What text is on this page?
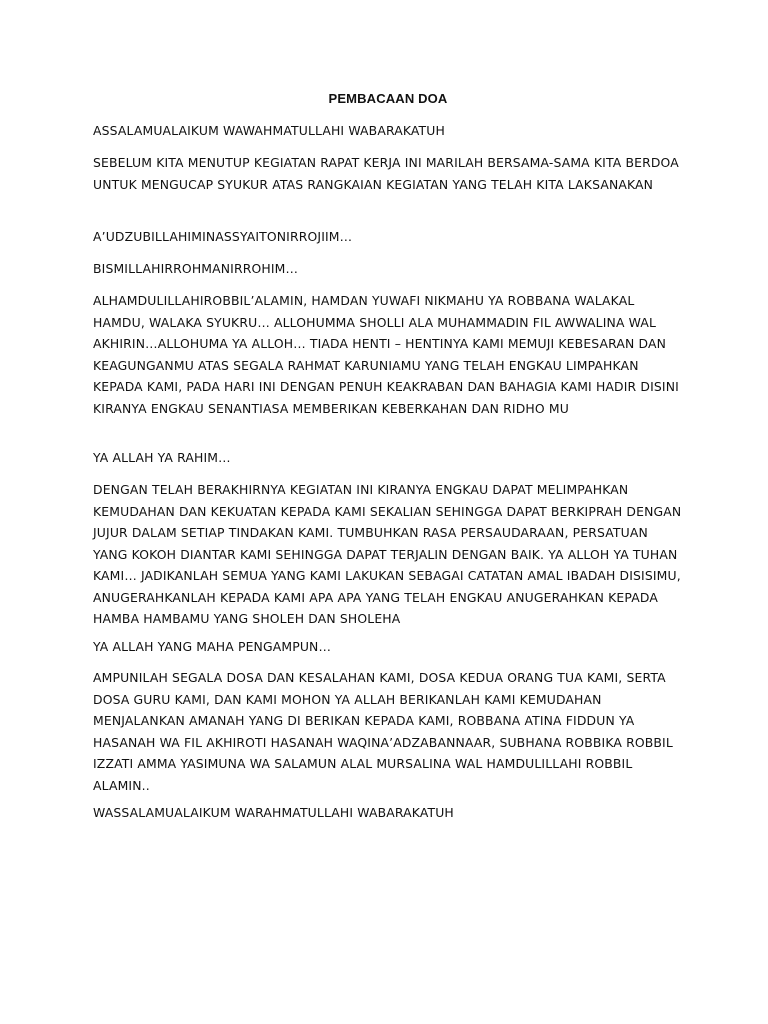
PEMBACAAN DOA

ASSALAMUALAIKUM WAWAHMATULLAHI WABARAKATUH

SEBELUM KITA MENUTUP KEGIATAN RAPAT KERJA INI MARILAH BERSAMA-SAMA KITA BERDOA UNTUK MENGUCAP SYUKUR ATAS RANGKAIAN KEGIATAN YANG TELAH KITA LAKSANAKAN

A’UDZUBILLAHIMINASSYAITONIRROJIIM…

BISMILLAHIRROHMANIRROHIM…

ALHAMDULILLAHIROBBIL’ALAMIN, HAMDAN YUWAFI NIKMAHU YA ROBBANA WALAKAL HAMDU, WALAKA SYUKRU… ALLOHUMMA SHOLLI ALA MUHAMMADIN FIL AWWALINA WAL AKHIRIN…ALLOHUMA YA ALLOH… TIADA HENTI – HENTINYA KAMI MEMUJI KEBESARAN DAN KEAGUNGANMU ATAS SEGALA RAHMAT KARUNIAMU YANG TELAH ENGKAU LIMPAHKAN KEPADA KAMI, PADA HARI INI DENGAN PENUH KEAKRABAN DAN BAHAGIA KAMI HADIR DISINI KIRANYA ENGKAU SENANTIASA MEMBERIKAN KEBERKAHAN DAN RIDHO MU

YA ALLAH YA RAHIM…

DENGAN TELAH BERAKHIRNYA KEGIATAN INI KIRANYA ENGKAU DAPAT MELIMPAHKAN KEMUDAHAN DAN KEKUATAN KEPADA KAMI SEKALIAN SEHINGGA DAPAT BERKIPRAH DENGAN JUJUR DALAM SETIAP TINDAKAN KAMI. TUMBUHKAN RASA PERSAUDARAAN, PERSATUAN YANG KOKOH DIANTAR KAMI SEHINGGA DAPAT TERJALIN DENGAN BAIK. YA ALLOH YA TUHAN KAMI… JADIKANLAH SEMUA YANG KAMI LAKUKAN SEBAGAI CATATAN AMAL IBADAH DISISIMU, ANUGERAHKANLAH KEPADA KAMI APA APA YANG TELAH ENGKAU ANUGERAHKAN KEPADA HAMBA HAMBAMU YANG SHOLEH DAN SHOLEHA

YA ALLAH YANG MAHA PENGAMPUN…

AMPUNILAH SEGALA DOSA DAN KESALAHAN KAMI, DOSA KEDUA ORANG TUA KAMI, SERTA DOSA GURU KAMI, DAN KAMI MOHON YA ALLAH BERIKANLAH KAMI KEMUDAHAN MENJALANKAN AMANAH YANG DI BERIKAN KEPADA KAMI, ROBBANA ATINA FIDDUN YA HASANAH WA FIL AKHIROTI HASANAH WAQINA’ADZABANNAAR, SUBHANA ROBBIKA ROBBIL IZZATI AMMA YASIMUNA WA SALAMUN ALAL MURSALINA WAL HAMDULILLAHI ROBBIL ALAMIN..

WASSALAMUALAIKUM WARAHMATULLAHI WABARAKATUH
